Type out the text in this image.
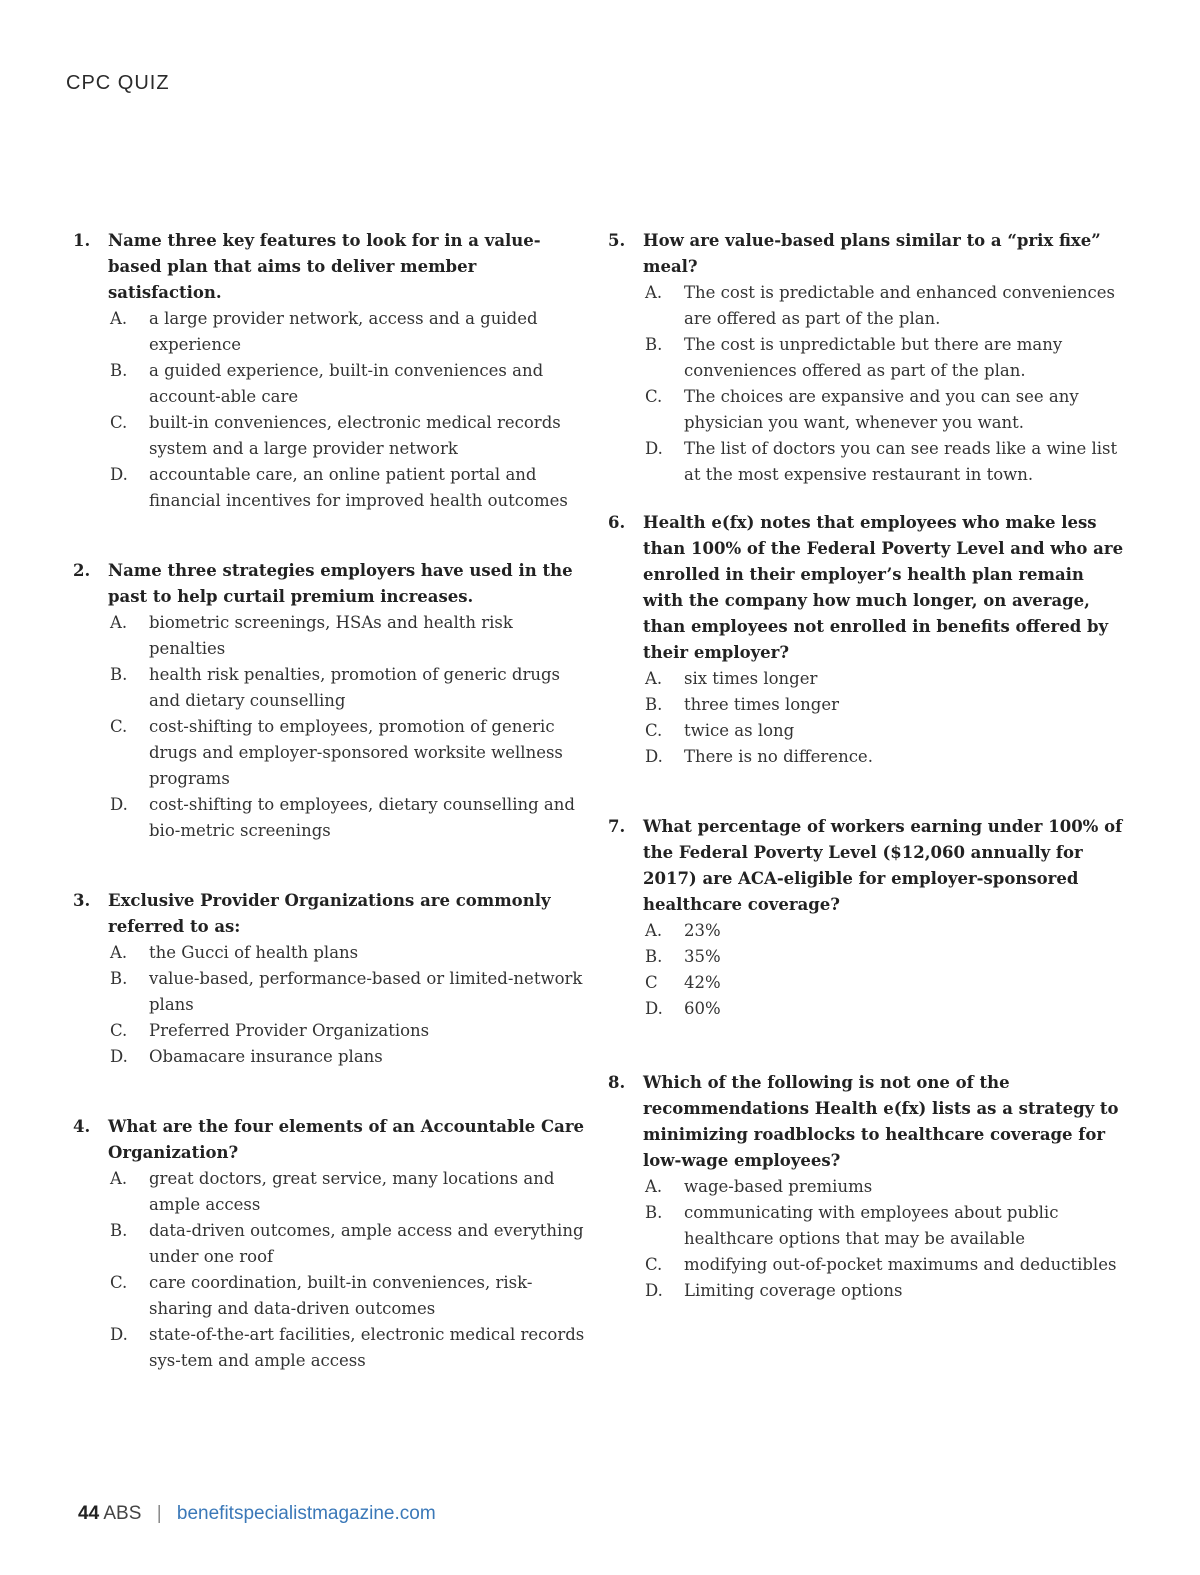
CPC QUIZ
1.	Name three key features to look for in a value-based plan that aims to deliver member satisfaction.
A. a large provider network, access and a guided experience
B. a guided experience, built-in conveniences and account-able care
C. built-in conveniences, electronic medical records system and a large provider network
D. accountable care, an online patient portal and financial incentives for improved health outcomes
2.	Name three strategies employers have used in the past to help curtail premium increases.
A. biometric screenings, HSAs and health risk penalties
B. health risk penalties, promotion of generic drugs and dietary counselling
C. cost-shifting to employees, promotion of generic drugs and employer-sponsored worksite wellness programs
D. cost-shifting to employees, dietary counselling and bio-metric screenings
3.	Exclusive Provider Organizations are commonly referred to as:
A. the Gucci of health plans
B. value-based, performance-based or limited-network plans
C. Preferred Provider Organizations
D. Obamacare insurance plans
4.	What are the four elements of an Accountable Care Organization?
A. great doctors, great service, many locations and ample access
B. data-driven outcomes, ample access and everything under one roof
C. care coordination, built-in conveniences, risk-sharing and data-driven outcomes
D. state-of-the-art facilities, electronic medical records sys-tem and ample access
5.	How are value-based plans similar to a “prix fixe” meal?
A. The cost is predictable and enhanced conveniences are offered as part of the plan.
B. The cost is unpredictable but there are many conveniences offered as part of the plan.
C. The choices are expansive and you can see any physician you want, whenever you want.
D. The list of doctors you can see reads like a wine list at the most expensive restaurant in town.
6.	Health e(fx) notes that employees who make less than 100% of the Federal Poverty Level and who are enrolled in their employer’s health plan remain with the company how much longer, on average, than employees not enrolled in benefits offered by their employer?
A. six times longer
B. three times longer
C. twice as long
D. There is no difference.
7.	What percentage of workers earning under 100% of the Federal Poverty Level ($12,060 annually for 2017) are ACA-eligible for employer-sponsored healthcare coverage?
A. 23%
B. 35%
C 42%
D. 60%
8.	Which of the following is not one of the recommendations Health e(fx) lists as a strategy to minimizing roadblocks to healthcare coverage for low-wage employees?
A. wage-based premiums
B. communicating with employees about public healthcare options that may be available
C. modifying out-of-pocket maximums and deductibles
D. Limiting coverage options
44 ABS | benefitspecialistmagazine.com
